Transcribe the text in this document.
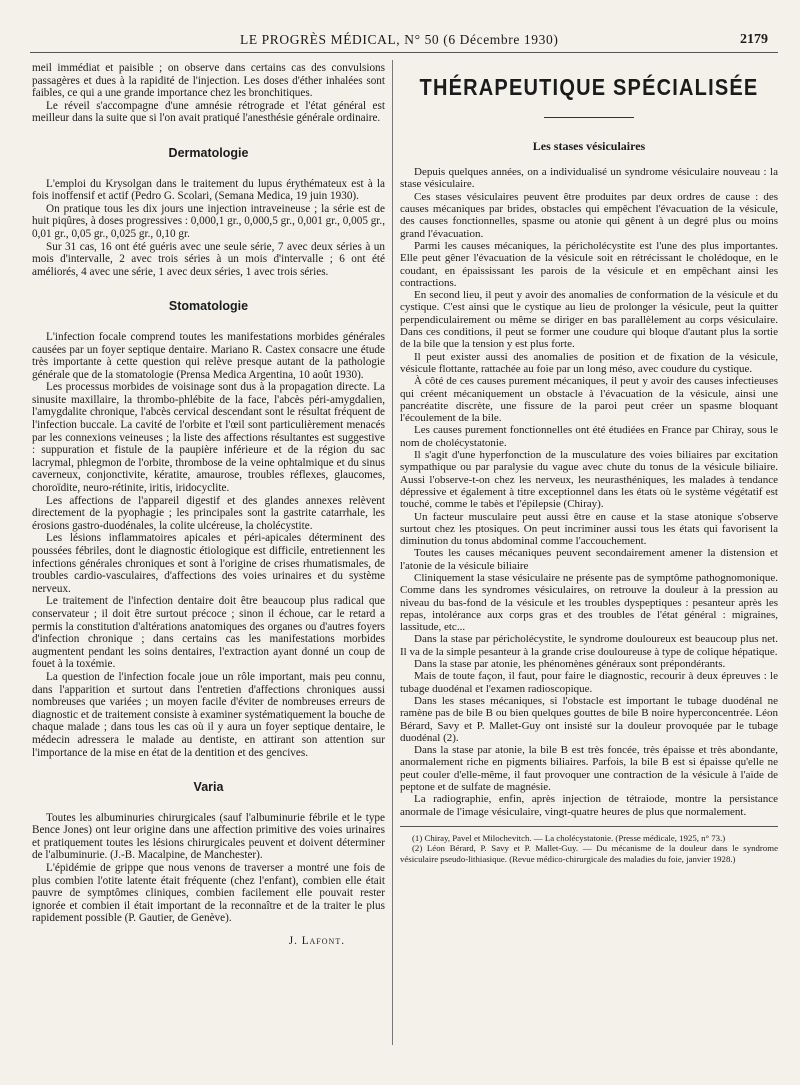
LE PROGRÈS MÉDICAL, N° 50 (6 Décembre 1930)	2179

meil immédiat et paisible ; on observe dans certains cas des convulsions passagères et dues à la rapidité de l'injection. Les doses d'éther inhalées sont faibles, ce qui a une grande importance chez les bronchitiques.

Le réveil s'accompagne d'une amnésie rétrograde et l'état général est meilleur dans la suite que si l'on avait pratiqué l'anesthésie générale ordinaire.

Dermatologie

L'emploi du Krysolgan dans le traitement du lupus érythémateux est à la fois inoffensif et actif (Pedro G. Scolari, (Semana Medica, 19 juin 1930).

On pratique tous les dix jours une injection intraveineuse ; la série est de huit piqûres, à doses progressives : 0,000,1 gr., 0,000,5 gr., 0,001 gr., 0,005 gr., 0,01 gr., 0,05 gr., 0,025 gr., 0,10 gr.

Sur 31 cas, 16 ont été guéris avec une seule série, 7 avec deux séries à un mois d'intervalle, 2 avec trois séries à un mois d'intervalle ; 6 ont été améliorés, 4 avec une série, 1 avec deux séries, 1 avec trois séries.

Stomatologie

L'infection focale comprend toutes les manifestations morbides générales causées par un foyer septique dentaire. Mariano R. Castex consacre une étude très importante à cette question qui relève presque autant de la pathologie générale que de la stomatologie (Prensa Medica Argentina, 10 août 1930).

Les processus morbides de voisinage sont dus à la propagation directe. La sinusite maxillaire, la thrombo-phlébite de la face, l'abcès péri-amygdalien, l'amygdalite chronique, l'abcès cervical descendant sont le résultat fréquent de l'infection buccale. La cavité de l'orbite et l'œil sont particulièrement menacés par les connexions veineuses ; la liste des affections résultantes est suggestive : suppuration et fistule de la paupière inférieure et de la région du sac lacrymal, phlegmon de l'orbite, thrombose de la veine ophtalmique et du sinus caverneux, conjonctivite, kératite, amaurose, troubles réflexes, glaucomes, choroïdite, neuro-rétinite, iritis, iridocyclite.

Les affections de l'appareil digestif et des glandes annexes relèvent directement de la pyophagie ; les principales sont la gastrite catarrhale, les érosions gastro-duodénales, la colite ulcéreuse, la cholécystite.

Les lésions inflammatoires apicales et péri-apicales déterminent des poussées fébriles, dont le diagnostic étiologique est difficile, entretiennent les infections générales chroniques et sont à l'origine de crises rhumatismales, de troubles cardio-vasculaires, d'affections des voies urinaires et du système nerveux.

Le traitement de l'infection dentaire doit être beaucoup plus radical que conservateur ; il doit être surtout précoce ; sinon il échoue, car le retard a permis la constitution d'altérations anatomiques des organes ou d'autres foyers d'infection chronique ; dans certains cas les manifestations morbides augmentent pendant les soins dentaires, l'extraction ayant donné un coup de fouet à la toxémie.

La question de l'infection focale joue un rôle important, mais peu connu, dans l'apparition et surtout dans l'entretien d'affections chroniques aussi nombreuses que variées ; un moyen facile d'éviter de nombreuses erreurs de diagnostic et de traitement consiste à examiner systématiquement la bouche de chaque malade ; dans tous les cas où il y aura un foyer septique dentaire, le médecin adressera le malade au dentiste, en attirant son attention sur l'importance de la mise en état de la dentition et des gencives.

Varia

Toutes les albuminuries chirurgicales (sauf l'albuminurie fébrile et le type Bence Jones) ont leur origine dans une affection primitive des voies urinaires et pratiquement toutes les lésions chirurgicales peuvent et doivent déterminer de l'albuminurie. (J.-B. Macalpine, de Manchester).

L'épidémie de grippe que nous venons de traverser a montré une fois de plus combien l'otite latente était fréquente (chez l'enfant), combien elle était pauvre de symptômes cliniques, combien facilement elle pouvait rester ignorée et combien il était important de la reconnaître et de la traiter le plus rapidement possible (P. Gautier, de Genève).

J. Lafont.
THÉRAPEUTIQUE SPÉCIALISÉE
Les stases vésiculaires

Depuis quelques années, on a individualisé un syndrome vésiculaire nouveau : la stase vésiculaire.

Ces stases vésiculaires peuvent être produites par deux ordres de cause : des causes mécaniques par brides, obstacles qui empêchent l'évacuation de la vésicule, des causes fonctionnelles, spasme ou atonie qui gênent à un degré plus ou moins grand l'évacuation.

Parmi les causes mécaniques, la péricholécystite est l'une des plus importantes. Elle peut gêner l'évacuation de la vésicule soit en rétrécissant le cholédoque, en le coudant, en épaississant les parois de la vésicule et en empêchant ainsi les contractions.

En second lieu, il peut y avoir des anomalies de conformation de la vésicule et du cystique. C'est ainsi que le cystique au lieu de prolonger la vésicule, peut la quitter perpendiculairement ou même se diriger en bas parallèlement au corps vésiculaire. Dans ces conditions, il peut se former une coudure qui bloque d'autant plus la sortie de la bile que la tension y est plus forte.

Il peut exister aussi des anomalies de position et de fixation de la vésicule, vésicule flottante, rattachée au foie par un long méso, avec coudure du cystique.

À côté de ces causes purement mécaniques, il peut y avoir des causes infectieuses qui créent mécaniquement un obstacle à l'évacuation de la vésicule, ainsi une pancréatite discrète, une fissure de la paroi peut créer un spasme bloquant l'écoulement de la bile.

Les causes purement fonctionnelles ont été étudiées en France par Chiray, sous le nom de cholécystatonie.

Il s'agit d'une hyperfonction de la musculature des voies biliaires par excitation sympathique ou par paralysie du vague avec chute du tonus de la vésicule biliaire. Aussi l'observe-t-on chez les nerveux, les neurasthéniques, les malades à tendance dépressive et également à titre exceptionnel dans les états où le système végétatif est touché, comme le tabès et l'épilepsie (Chiray).

Un facteur musculaire peut aussi être en cause et la stase atonique s'observe surtout chez les ptosiques. On peut incriminer aussi tous les états qui favorisent la diminution du tonus abdominal comme l'accouchement.

Toutes les causes mécaniques peuvent secondairement amener la distension et l'atonie de la vésicule biliaire

Cliniquement la stase vésiculaire ne présente pas de symptôme pathognomonique. Comme dans les syndromes vésiculaires, on retrouve la douleur à la pression au niveau du bas-fond de la vésicule et les troubles dyspeptiques : pesanteur après les repas, intolérance aux corps gras et des troubles de l'état général : migraines, lassitude, etc...

Dans la stase par péricholécystite, le syndrome douloureux est beaucoup plus net. Il va de la simple pesanteur à la grande crise douloureuse à type de colique hépatique.

Dans la stase par atonie, les phénomènes généraux sont prépondérants.

Mais de toute façon, il faut, pour faire le diagnostic, recourir à deux épreuves : le tubage duodénal et l'examen radioscopique.

Dans les stases mécaniques, si l'obstacle est important le tubage duodénal ne ramène pas de bile B ou bien quelques gouttes de bile B noire hyperconcentrée. Léon Bérard, Savy et P. Mallet-Guy ont insisté sur la douleur provoquée par le tubage duodénal (2).

Dans la stase par atonie, la bile B est très foncée, très épaisse et très abondante, anormalement riche en pigments biliaires. Parfois, la bile B est si épaisse qu'elle ne peut couler d'elle-même, il faut provoquer une contraction de la vésicule à l'aide de peptone et de sulfate de magnésie.

La radiographie, enfin, après injection de tétraiode, montre la persistance anormale de l'image vésiculaire, vingt-quatre heures de plus que normalement.

(1) Chiray, Pavel et Milochevitch. — La cholécystatonie. (Presse médicale, 1925, n° 73.)

(2) Léon Bérard, P. Savy et P. Mallet-Guy. — Du mécanisme de la douleur dans le syndrome vésiculaire pseudo-lithiasique. (Revue médico-chirurgicale des maladies du foie, janvier 1928.)
